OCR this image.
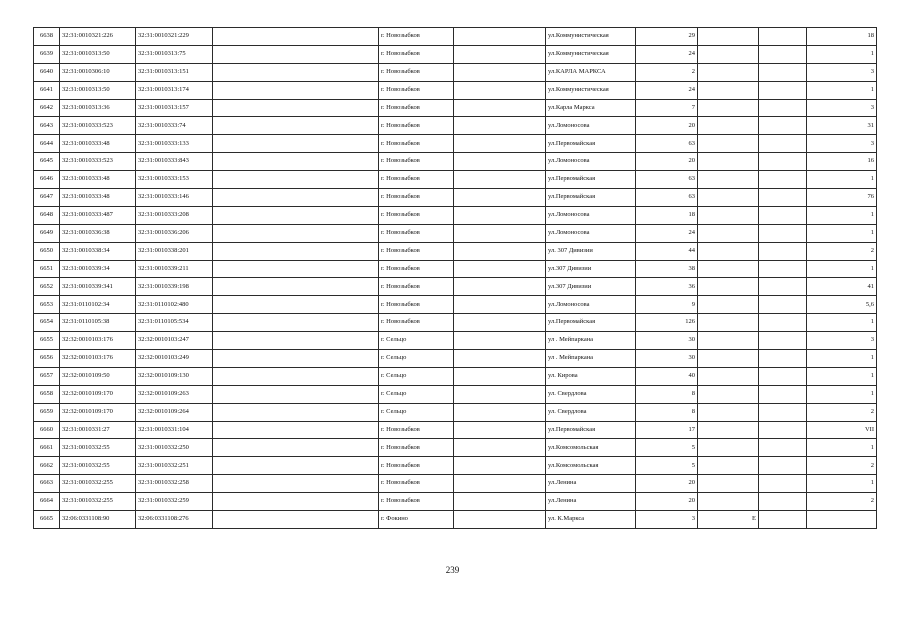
6638	32:31:0010321:226	32:31:0010321:229		г. Новозыбков		ул.Коммунистическая	29			18
6639	32:31:0010313:50	32:31:0010313:75		г. Новозыбков		ул.Коммунистическая	24			1
6640	32:31:0010306:10	32:31:0010313:151		г. Новозыбков		ул.КАРЛА МАРКСА	2			3
6641	32:31:0010313:50	32:31:0010313:174		г. Новозыбков		ул.Коммунистическая	24			1
6642	32:31:0010313:36	32:31:0010313:157		г. Новозыбков		ул.Карла Маркса	7			3
6643	32:31:0010333:523	32:31:0010333:74		г. Новозыбков		ул.Ломоносова	20			31
6644	32:31:0010333:48	32:31:0010333:133		г. Новозыбков		ул.Первомайская	63			3
6645	32:31:0010333:523	32:31:0010333:843		г. Новозыбков		ул.Ломоносова	20			16
6646	32:31:0010333:48	32:31:0010333:153		г. Новозыбков		ул.Первомайская	63			1
6647	32:31:0010333:48	32:31:0010333:146		г. Новозыбков		ул.Первомайская	63			76
6648	32:31:0010333:487	32:31:0010333:208		г. Новозыбков		ул.Ломоносова	18			1
6649	32:31:0010336:38	32:31:0010336:206		г. Новозыбков		ул.Ломоносова	24			1
6650	32:31:0010338:34	32:31:0010338:201		г. Новозыбков		ул. 307 Дивизии	44			2
6651	32:31:0010339:34	32:31:0010339:211		г. Новозыбков		ул.307 Дивизии	38			1
6652	32:31:0010339:341	32:31:0010339:198		г. Новозыбков		ул.307 Дивизии	36			41
6653	32:31:0110102:34	32:31:0110102:480		г. Новозыбков		ул.Ломоносова	9			5,6
6654	32:31:0110105:38	32:31:0110105:534		г. Новозыбков		ул.Первомайская	126			1
6655	32:32:0010103:176	32:32:0010103:247		г. Сельцо		ул . Мейпаркана	30			3
6656	32:32:0010103:176	32:32:0010103:249		г. Сельцо		ул . Мейпаркана	30			1
6657	32:32:0010109:50	32:32:0010109:130		г. Сельцо		ул. Кирова	40			1
6658	32:32:0010109:170	32:32:0010109:263		г. Сельцо		ул. Свердлова	8			1
6659	32:32:0010109:170	32:32:0010109:264		г. Сельцо		ул. Свердлова	8			2
6660	32:31:0010331:27	32:31:0010331:104		г. Новозыбков		ул.Первомайская	17			VII
6661	32:31:0010332:55	32:31:0010332:250		г. Новозыбков		ул.Комсомольская	5			1
6662	32:31:0010332:55	32:31:0010332:251		г. Новозыбков		ул.Комсомольская	5			2
6663	32:31:0010332:255	32:31:0010332:258		г. Новозыбков		ул.Ленина	20			1
6664	32:31:0010332:255	32:31:0010332:259		г. Новозыбков		ул.Ленина	20			2
6665	32:06:0331108:90	32:06:0331108:276		г. Фокино		ул. К.Маркса	3	Е		
239
